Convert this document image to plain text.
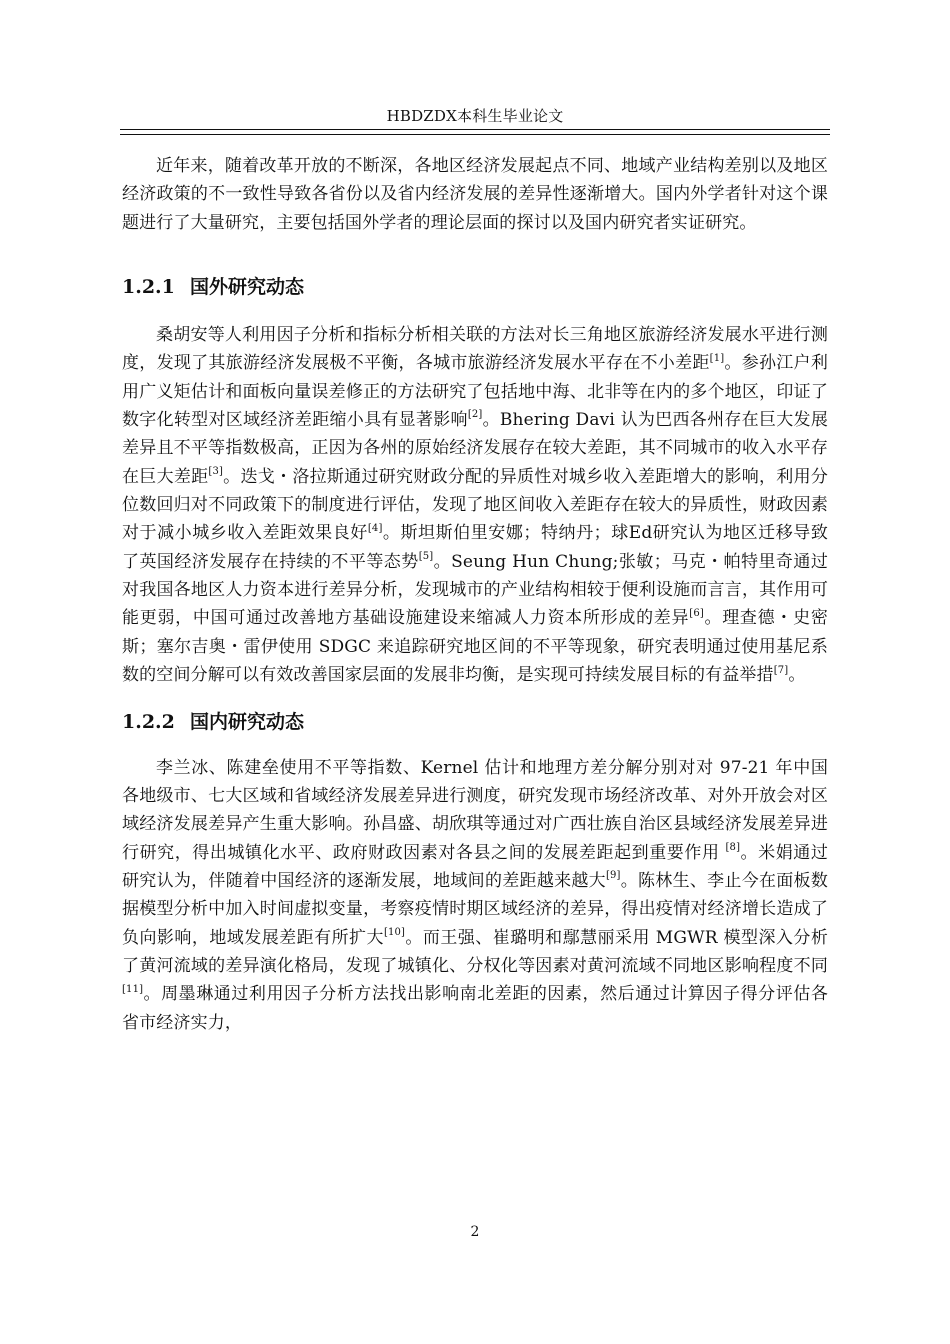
HBDZDX本科生毕业论文

近年来，随着改革开放的不断深，各地区经济发展起点不同、地域产业结构差别以及地区经济政策的不一致性导致各省份以及省内经济发展的差异性逐渐增大。国内外学者针对这个课题进行了大量研究，主要包括国外学者的理论层面的探讨以及国内研究者实证研究。

1.2.1 国外研究动态

桑胡安等人利用因子分析和指标分析相关联的方法对长三角地区旅游经济发展水平进行测度，发现了其旅游经济发展极不平衡，各城市旅游经济发展水平存在不小差距[1]。参孙江户利用广义矩估计和面板向量误差修正的方法研究了包括地中海、北非等在内的多个地区，印证了数字化转型对区域经济差距缩小具有显著影响[2]。Bhering Davi 认为巴西各州存在巨大发展差异且不平等指数极高，正因为各州的原始经济发展存在较大差距，其不同城市的收入水平存在巨大差距[3]。迭戈・洛拉斯通过研究财政分配的异质性对城乡收入差距增大的影响，利用分位数回归对不同政策下的制度进行评估，发现了地区间收入差距存在较大的异质性，财政因素对于减小城乡收入差距效果良好[4]。斯坦斯伯里安娜；特纳丹；球Ed研究认为地区迁移导致了英国经济发展存在持续的不平等态势[5]。Seung Hun Chung;张敏；马克・帕特里奇通过对我国各地区人力资本进行差异分析，发现城市的产业结构相较于便利设施而言言，其作用可能更弱，中国可通过改善地方基础设施建设来缩减人力资本所形成的差异[6]。理查德・史密斯；塞尔吉奥・雷伊使用 SDGC 来追踪研究地区间的不平等现象，研究表明通过使用基尼系数的空间分解可以有效改善国家层面的发展非均衡，是实现可持续发展目标的有益举措[7]。

1.2.2 国内研究动态

李兰冰、陈建垒使用不平等指数、Kernel 估计和地理方差分解分别对对 97-21 年中国各地级市、七大区域和省域经济发展差异进行测度，研究发现市场经济改革、对外开放会对区域经济发展差异产生重大影响。孙昌盛、胡欣琪等通过对广西壮族自治区县域经济发展差异进行研究，得出城镇化水平、政府财政因素对各县之间的发展差距起到重要作用 [8]。米娟通过研究认为，伴随着中国经济的逐渐发展，地域间的差距越来越大[9]。陈林生、李止今在面板数据模型分析中加入时间虚拟变量，考察疫情时期区域经济的差异，得出疫情对经济增长造成了负向影响，地域发展差距有所扩大[10]。而王强、崔璐明和鄢慧丽采用 MGWR 模型深入分析了黄河流域的差异演化格局，发现了城镇化、分权化等因素对黄河流域不同地区影响程度不同[11]。周墨琳通过利用因子分析方法找出影响南北差距的因素，然后通过计算因子得分评估各省市经济实力，

2
